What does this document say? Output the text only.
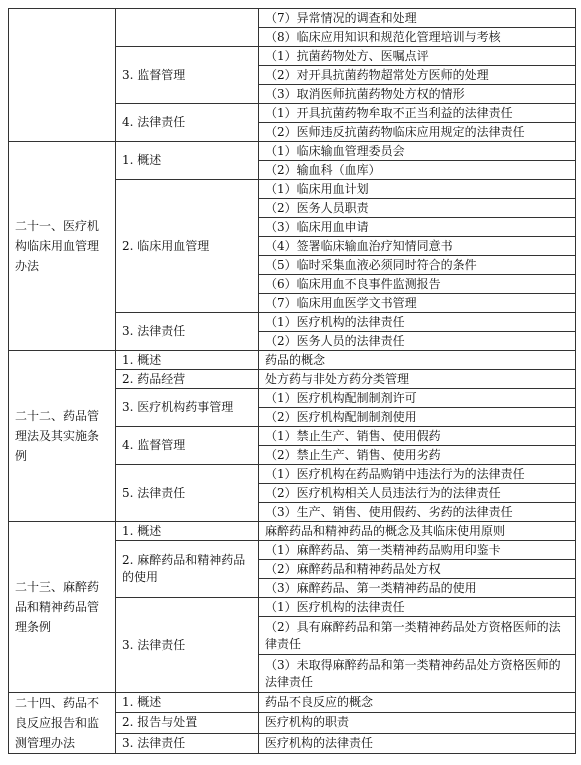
		（7）异常情况的调查和处理
		（8）临床应用知识和规范化管理培训与考核
	3. 监督管理	（1）抗菌药物处方、医嘱点评
		（2）对开具抗菌药物超常处方医师的处理
		（3）取消医师抗菌药物处方权的情形
	4. 法律责任	（1）开具抗菌药物牟取不正当利益的法律责任
		（2）医师违反抗菌药物临床应用规定的法律责任
二十一、医疗机构临床用血管理办法	1. 概述	（1）临床输血管理委员会
		（2）输血科（血库）
	2. 临床用血管理	（1）临床用血计划
		（2）医务人员职责
		（3）临床用血申请
		（4）签署临床输血治疗知情同意书
		（5）临时采集血液必须同时符合的条件
		（6）临床用血不良事件监测报告
		（7）临床用血医学文书管理
	3. 法律责任	（1）医疗机构的法律责任
		（2）医务人员的法律责任
二十二、药品管理法及其实施条例	1. 概述	药品的概念
	2. 药品经营	处方药与非处方药分类管理
	3. 医疗机构药事管理	（1）医疗机构配制制剂许可
		（2）医疗机构配制制剂使用
	4. 监督管理	（1）禁止生产、销售、使用假药
		（2）禁止生产、销售、使用劣药
	5. 法律责任	（1）医疗机构在药品购销中违法行为的法律责任
		（2）医疗机构相关人员违法行为的法律责任
		（3）生产、销售、使用假药、劣药的法律责任
二十三、麻醉药品和精神药品管理条例	1. 概述	麻醉药品和精神药品的概念及其临床使用原则
	2. 麻醉药品和精神药品的使用	（1）麻醉药品、第一类精神药品购用印鉴卡
		（2）麻醉药品和精神药品处方权
		（3）麻醉药品、第一类精神药品的使用
	3. 法律责任	（1）医疗机构的法律责任
		（2）具有麻醉药品和第一类精神药品处方资格医师的法律责任
		（3）未取得麻醉药品和第一类精神药品处方资格医师的法律责任
二十四、药品不良反应报告和监测管理办法	1. 概述	药品不良反应的概念
	2. 报告与处置	医疗机构的职责
	3. 法律责任	医疗机构的法律责任
